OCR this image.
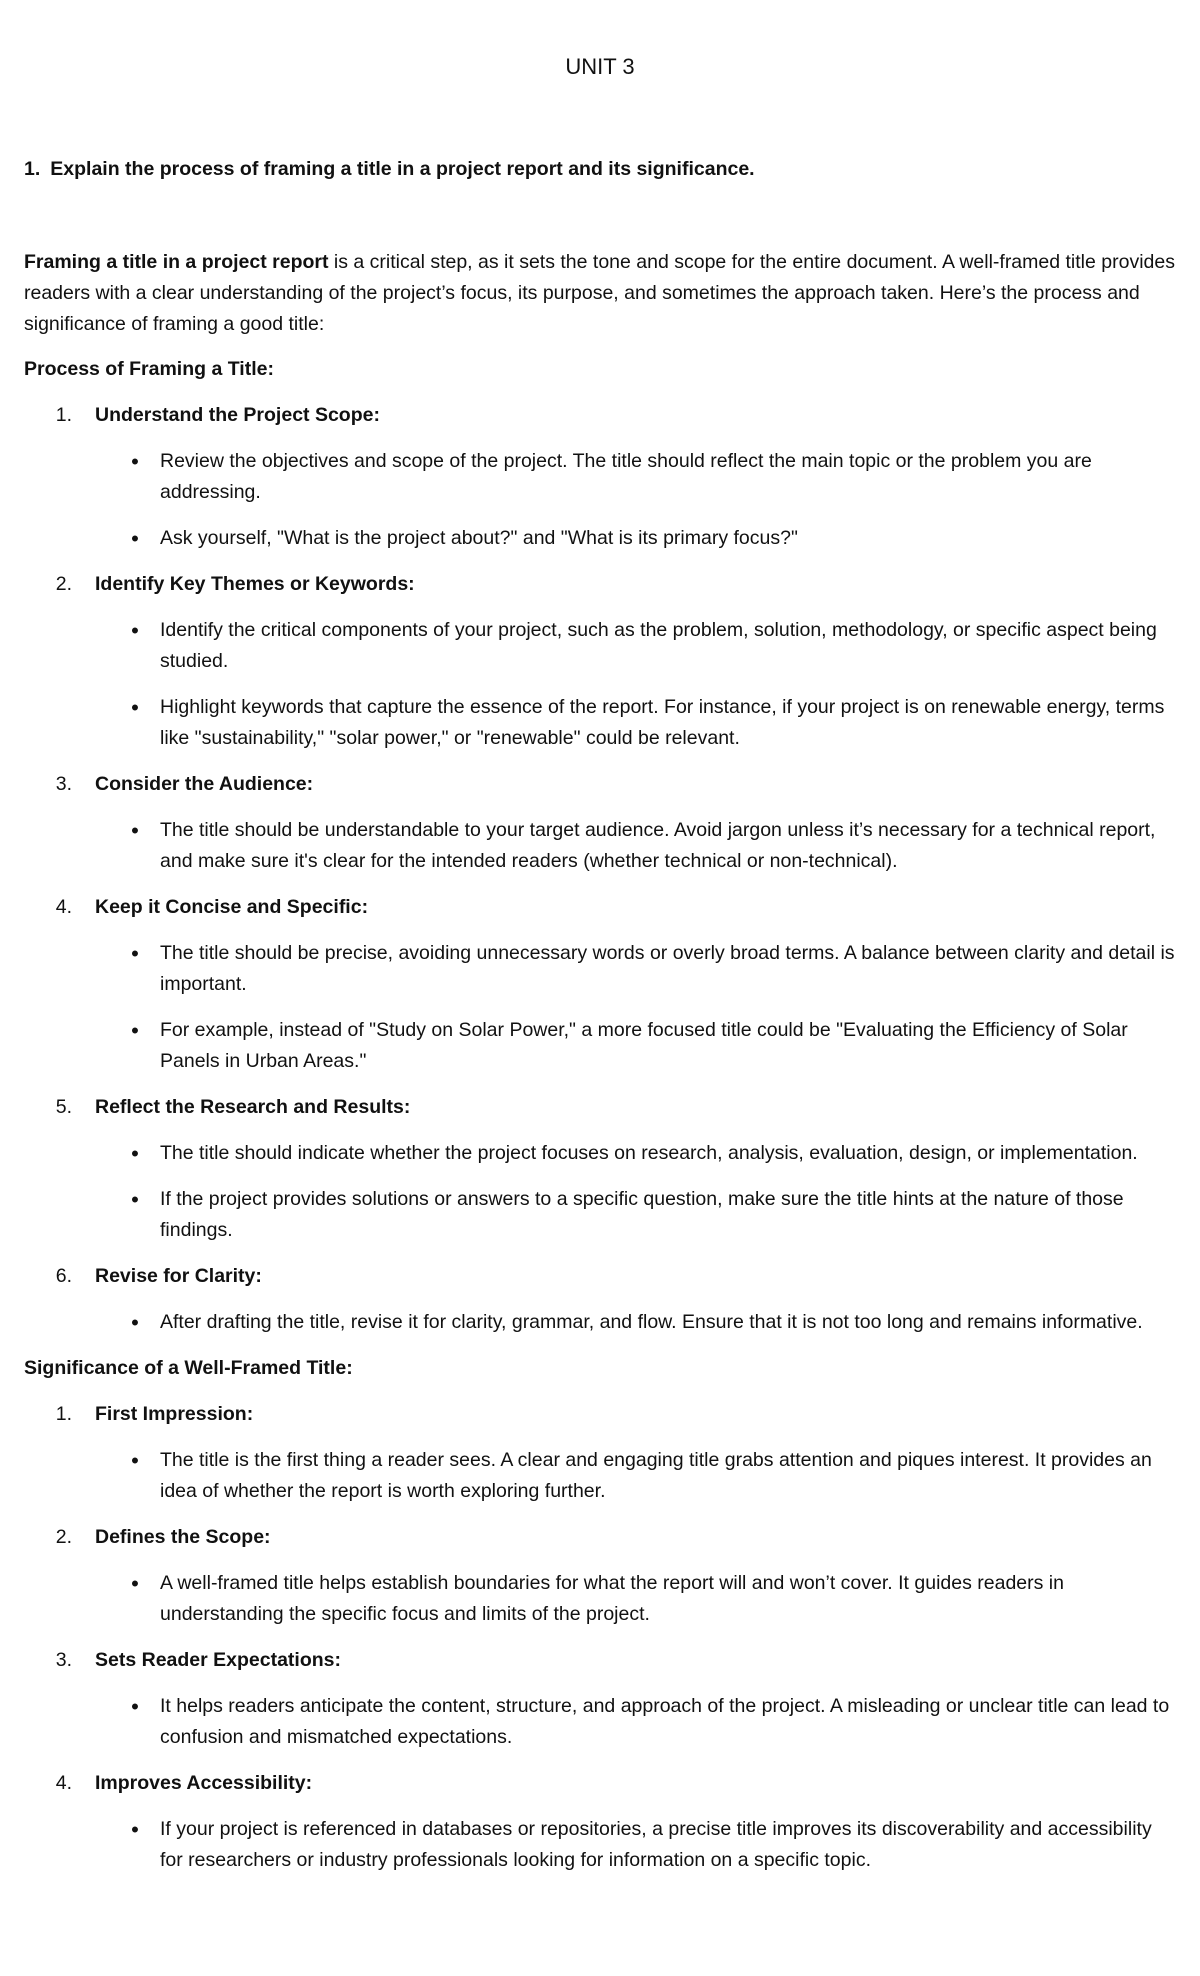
UNIT 3

1. Explain the process of framing a title in a project report and its significance.

Framing a title in a project report is a critical step, as it sets the tone and scope for the entire document. A well-framed title provides readers with a clear understanding of the project’s focus, its purpose, and sometimes the approach taken. Here’s the process and significance of framing a good title:

Process of Framing a Title:
1.	Understand the Project Scope:
• Review the objectives and scope of the project. The title should reflect the main topic or the problem you are addressing.
• Ask yourself, "What is the project about?" and "What is its primary focus?"
2.	Identify Key Themes or Keywords:
• Identify the critical components of your project, such as the problem, solution, methodology, or specific aspect being studied.
• Highlight keywords that capture the essence of the report. For instance, if your project is on renewable energy, terms like "sustainability," "solar power," or "renewable" could be relevant.
3.	Consider the Audience:
• The title should be understandable to your target audience. Avoid jargon unless it’s necessary for a technical report, and make sure it's clear for the intended readers (whether technical or non-technical).
4.	Keep it Concise and Specific:
• The title should be precise, avoiding unnecessary words or overly broad terms. A balance between clarity and detail is important.
• For example, instead of "Study on Solar Power," a more focused title could be "Evaluating the Efficiency of Solar Panels in Urban Areas."
5.	Reflect the Research and Results:
• The title should indicate whether the project focuses on research, analysis, evaluation, design, or implementation.
• If the project provides solutions or answers to a specific question, make sure the title hints at the nature of those findings.
6.	Revise for Clarity:
• After drafting the title, revise it for clarity, grammar, and flow. Ensure that it is not too long and remains informative.
Significance of a Well-Framed Title:
1.	First Impression:
• The title is the first thing a reader sees. A clear and engaging title grabs attention and piques interest. It provides an idea of whether the report is worth exploring further.
2.	Defines the Scope:
• A well-framed title helps establish boundaries for what the report will and won’t cover. It guides readers in understanding the specific focus and limits of the project.
3.	Sets Reader Expectations:
• It helps readers anticipate the content, structure, and approach of the project. A misleading or unclear title can lead to confusion and mismatched expectations.
4.	Improves Accessibility:
• If your project is referenced in databases or repositories, a precise title improves its discoverability and accessibility for researchers or industry professionals looking for information on a specific topic.
